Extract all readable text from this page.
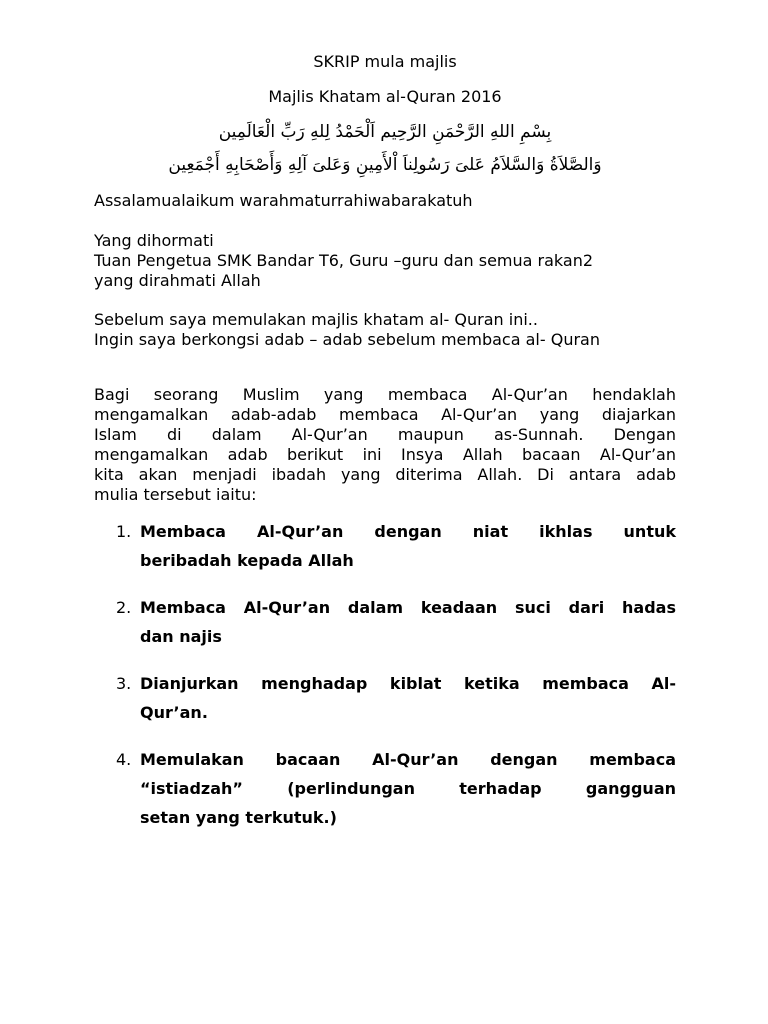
SKRIP mula majlis
Majlis Khatam al-Quran 2016
بِسْمِ اللهِ الرَّحْمَنِ الرَّحِيم اَلْحَمْدُ لِلهِ رَبِّ الْعَالَمِين
وَالصَّلاَةُ وَالسَّلاَمُ عَلىَ رَسُولِناَ اْلأَمِينِ وَعَلىَ آلِهِ وَأَصْحَابِهِ أَجْمَعِين
Assalamualaikum warahmaturrahiwabarakatuh
Yang dihormati
Tuan Pengetua SMK Bandar T6, Guru –guru dan semua rakan2
yang dirahmati Allah
Sebelum saya memulakan majlis khatam al- Quran ini..
Ingin saya berkongsi adab – adab sebelum membaca al- Quran
Bagi seorang Muslim yang membaca Al-Qur’an hendaklah
mengamalkan adab-adab membaca Al-Qur’an yang diajarkan
Islam di dalam Al-Qur’an maupun as-Sunnah. Dengan
mengamalkan adab berikut ini Insya Allah bacaan Al-Qur’an
kita akan menjadi ibadah yang diterima Allah. Di antara adab
mulia tersebut iaitu:
1. Membaca Al-Qur’an dengan niat ikhlas untuk
beribadah kepada Allah
2. Membaca Al-Qur’an dalam keadaan suci dari hadas
dan najis
3. Dianjurkan menghadap kiblat ketika membaca Al-
Qur’an.
4. Memulakan bacaan Al-Qur’an dengan membaca
“istiadzah” (perlindungan terhadap gangguan
setan yang terkutuk.)
